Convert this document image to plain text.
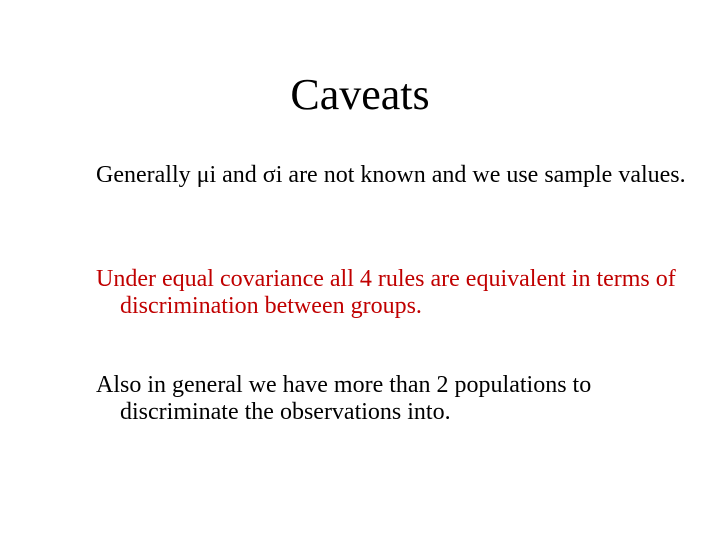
Caveats
Generally μi and σi are not known and we use sample values.
Under equal covariance all 4 rules are equivalent in terms of discrimination between groups.
Also in general we have more than 2 populations to discriminate the observations into.
